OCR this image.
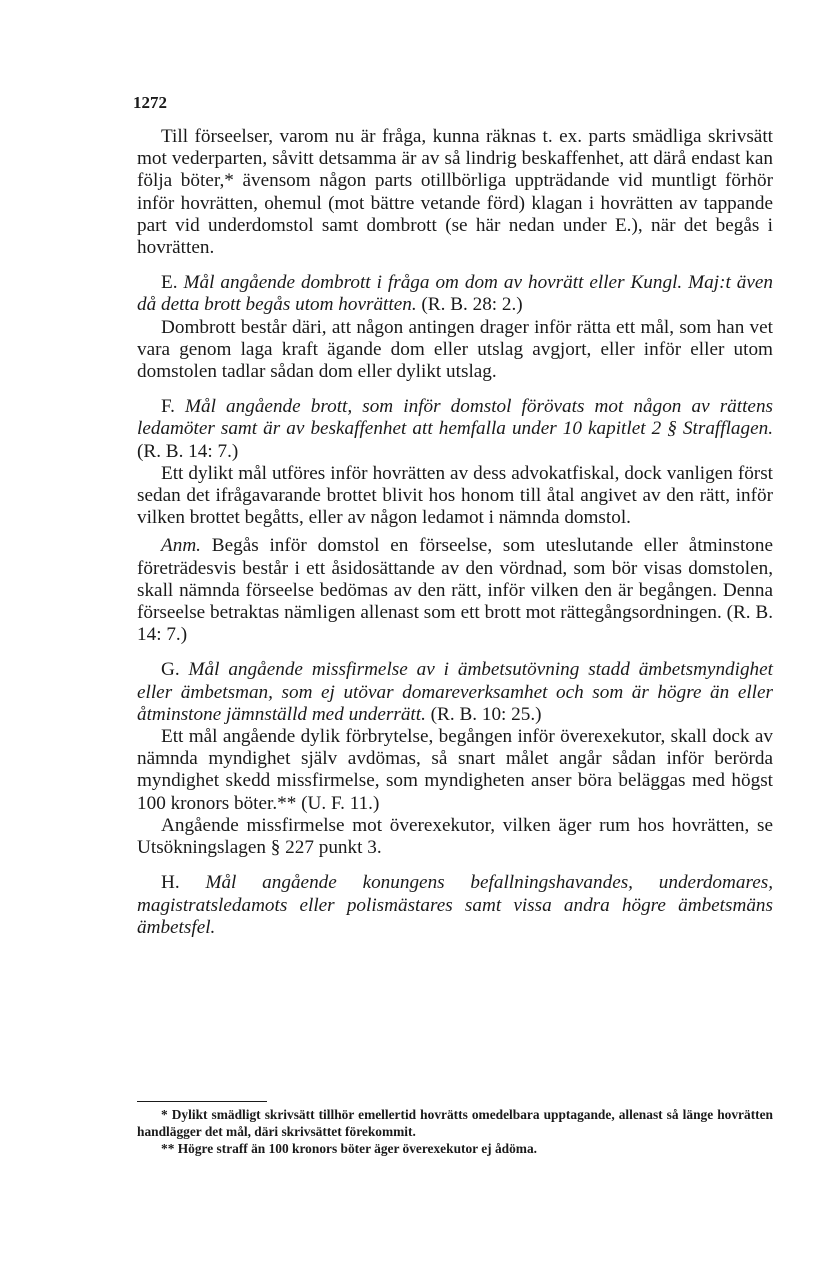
1272

Till förseelser, varom nu är fråga, kunna räknas t. ex. parts smädliga skrivsätt mot vederparten, såvitt detsamma är av så lindrig beskaffenhet, att därå endast kan följa böter,* ävensom någon parts otillbörliga uppträdande vid muntligt förhör inför hovrätten, ohemul (mot bättre vetande förd) klagan i hovrätten av tappande part vid underdomstol samt dombrott (se här nedan under E.), när det begås i hovrätten.

E. Mål angående dombrott i fråga om dom av hovrätt eller Kungl. Maj:t även då detta brott begås utom hovrätten. (R. B. 28: 2.)

Dombrott består däri, att någon antingen drager inför rätta ett mål, som han vet vara genom laga kraft ägande dom eller utslag avgjort, eller inför eller utom domstolen tadlar sådan dom eller dylikt utslag.

F. Mål angående brott, som inför domstol förövats mot någon av rättens ledamöter samt är av beskaffenhet att hemfalla under 10 kapitlet 2 § Strafflagen. (R. B. 14: 7.)

Ett dylikt mål utföres inför hovrätten av dess advokatfiskal, dock vanligen först sedan det ifrågavarande brottet blivit hos honom till åtal angivet av den rätt, inför vilken brottet begåtts, eller av någon ledamot i nämnda domstol.

Anm. Begås inför domstol en förseelse, som uteslutande eller åtminstone företrädesvis består i ett åsidosättande av den vördnad, som bör visas domstolen, skall nämnda förseelse bedömas av den rätt, inför vilken den är begången. Denna förseelse betraktas nämligen allenast som ett brott mot rättegångsordningen. (R. B. 14: 7.)

G. Mål angående missfirmelse av i ämbetsutövning stadd ämbetsmyndighet eller ämbetsman, som ej utövar domareverksamhet och som är högre än eller åtminstone jämnställd med underrätt. (R. B. 10: 25.)

Ett mål angående dylik förbrytelse, begången inför överexekutor, skall dock av nämnda myndighet själv avdömas, så snart målet angår sådan inför berörda myndighet skedd missfirmelse, som myndigheten anser böra beläggas med högst 100 kronors böter.** (U. F. 11.)

Angående missfirmelse mot överexekutor, vilken äger rum hos hovrätten, se Utsökningslagen § 227 punkt 3.

H. Mål angående konungens befallningshavandes, underdomares, magistratsledamots eller polismästares samt vissa andra högre ämbetsmäns ämbetsfel.

* Dylikt smädligt skrivsätt tillhör emellertid hovrätts omedelbara upptagande, allenast så länge hovrätten handlägger det mål, däri skrivsättet förekommit.

** Högre straff än 100 kronors böter äger överexekutor ej ådöma.
